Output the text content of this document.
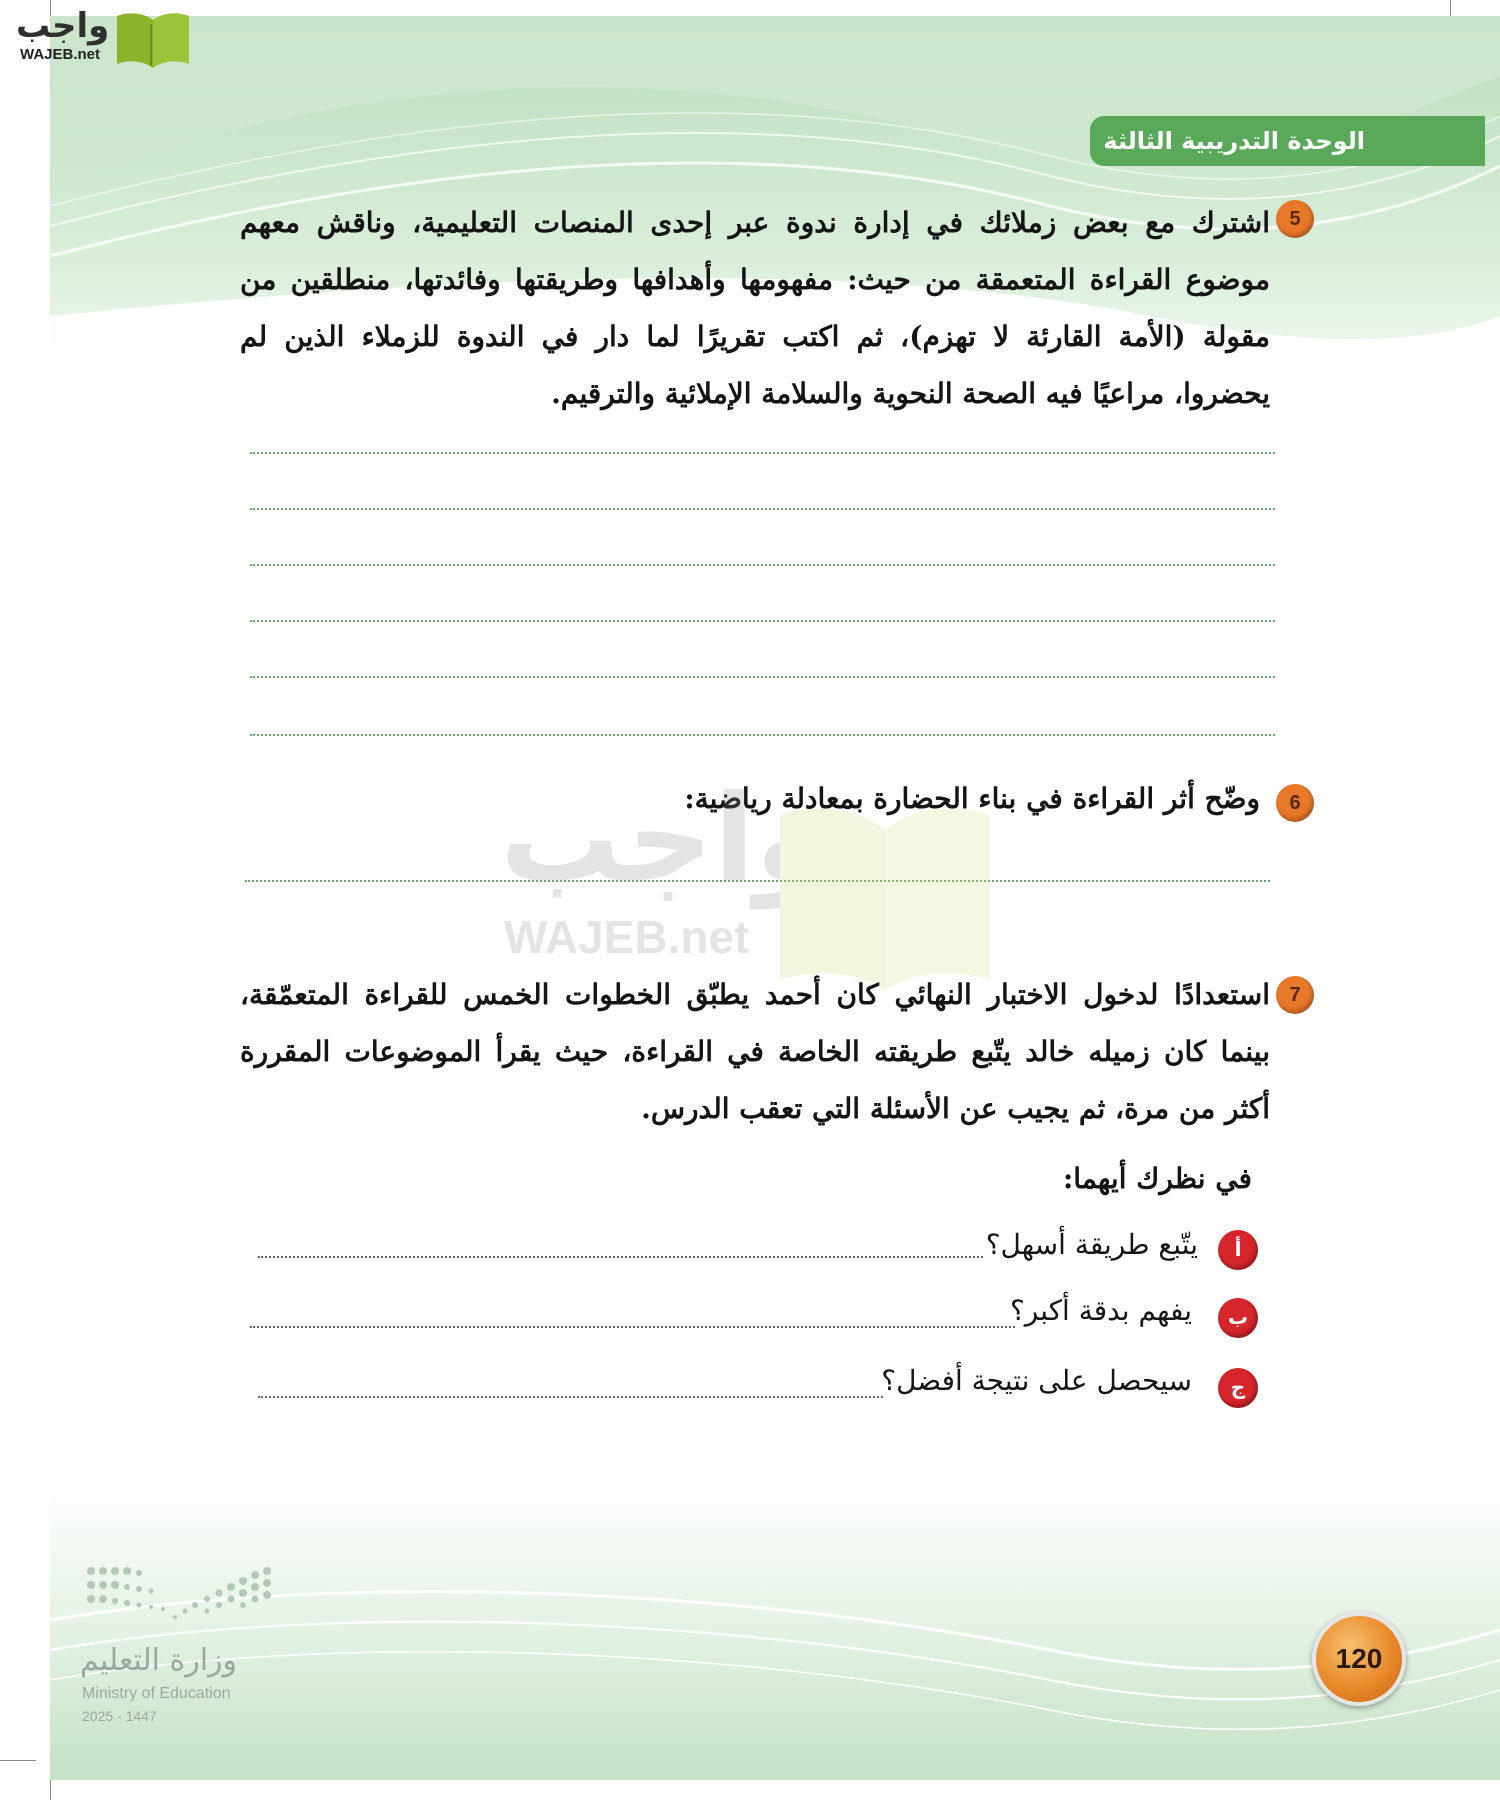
واجب
WAJEB.net
الوحدة التدريبية الثالثة
5
اشترك مع بعض زملائك في إدارة ندوة عبر إحدى المنصات التعليمية، وناقش معهم موضوع القراءة المتعمقة من حيث: مفهومها وأهدافها وطريقتها وفائدتها، منطلقين من مقولة (الأمة القارئة لا تهزم)، ثم اكتب تقريرًا لما دار في الندوة للزملاء الذين لم يحضروا، مراعيًا فيه الصحة النحوية والسلامة الإملائية والترقيم.
6
وضّح أثر القراءة في بناء الحضارة بمعادلة رياضية:
واجب
WAJEB.net
7
استعدادًا لدخول الاختبار النهائي كان أحمد يطبّق الخطوات الخمس للقراءة المتعمّقة، بينما كان زميله خالد يتّبع طريقته الخاصة في القراءة، حيث يقرأ الموضوعات المقررة أكثر من مرة، ثم يجيب عن الأسئلة التي تعقب الدرس.
في نظرك أيهما:
أ
يتّبع طريقة أسهل؟
ب
يفهم بدقة أكبر؟
ج
سيحصل على نتيجة أفضل؟
وزارة التعليم
Ministry of Education
2025 - 1447
120
